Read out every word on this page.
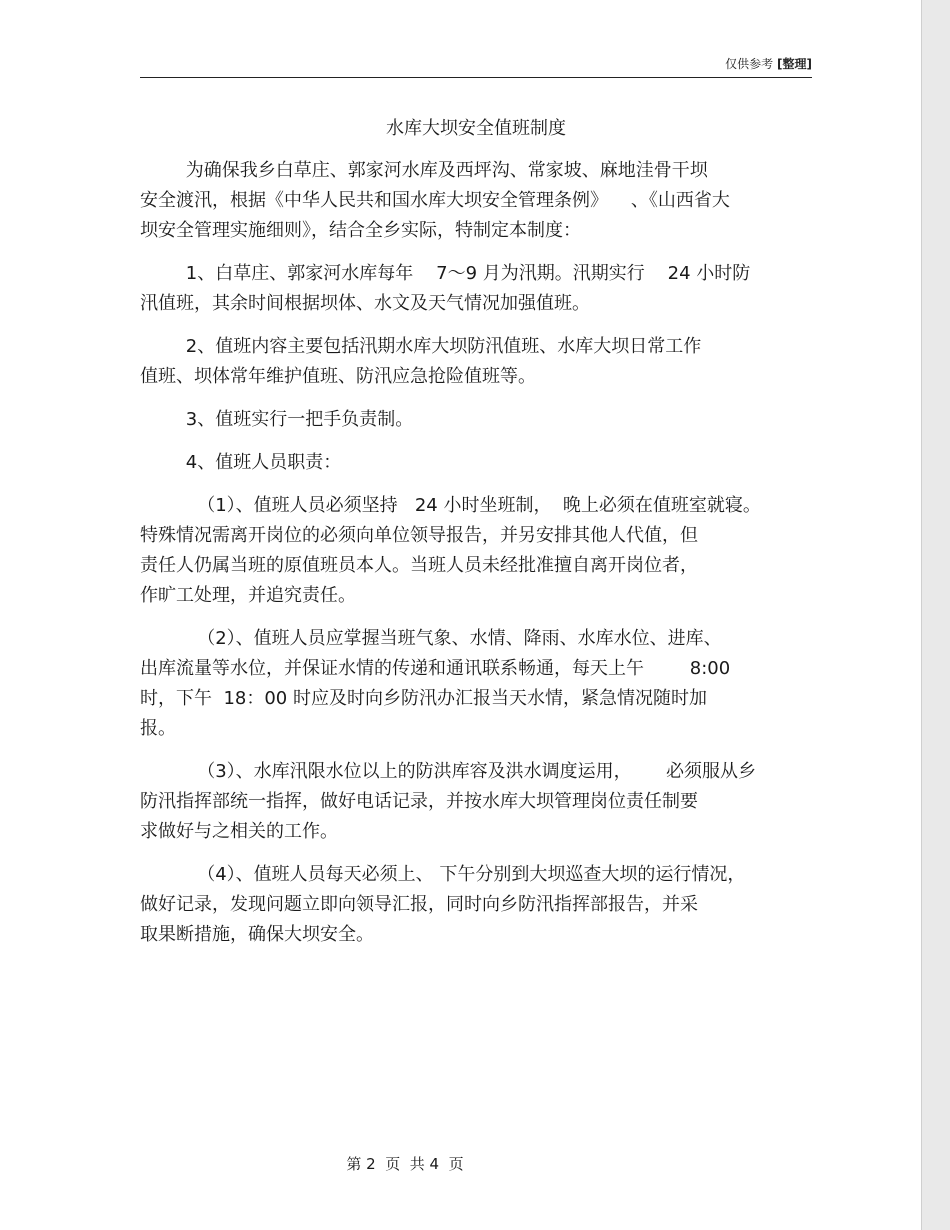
仅供参考 [整理]
水库大坝安全值班制度
为确保我乡白草庄、郭家河水库及西坪沟、常家坡、麻地洼骨干坝
安全渡汛，根据《中华人民共和国水库大坝安全管理条例》    、《山西省大
坝安全管理实施细则》，结合全乡实际，特制定本制度：
1、白草庄、郭家河水库每年    7～9 月为汛期。汛期实行    24 小时防
汛值班，其余时间根据坝体、水文及天气情况加强值班。
2、值班内容主要包括汛期水库大坝防汛值班、水库大坝日常工作
值班、坝体常年维护值班、防汛应急抢险值班等。
3、值班实行一把手负责制。
4、值班人员职责：
（1）、值班人员必须坚持   24 小时坐班制，  晚上必须在值班室就寝。
特殊情况需离开岗位的必须向单位领导报告，并另安排其他人代值，但
责任人仍属当班的原值班员本人。当班人员未经批准擅自离开岗位者，
作旷工处理，并追究责任。
（2）、值班人员应掌握当班气象、水情、降雨、水库水位、进库、
出库流量等水位，并保证水情的传递和通讯联系畅通，每天上午        8:00
时，下午  18：00 时应及时向乡防汛办汇报当天水情，紧急情况随时加
报。
（3）、水库汛限水位以上的防洪库容及洪水调度运用，      必须服从乡
防汛指挥部统一指挥，做好电话记录，并按水库大坝管理岗位责任制要
求做好与之相关的工作。
（4）、值班人员每天必须上、 下午分别到大坝巡查大坝的运行情况，
做好记录，发现问题立即向领导汇报，同时向乡防汛指挥部报告，并采
取果断措施，确保大坝安全。
第 2  页  共 4  页
